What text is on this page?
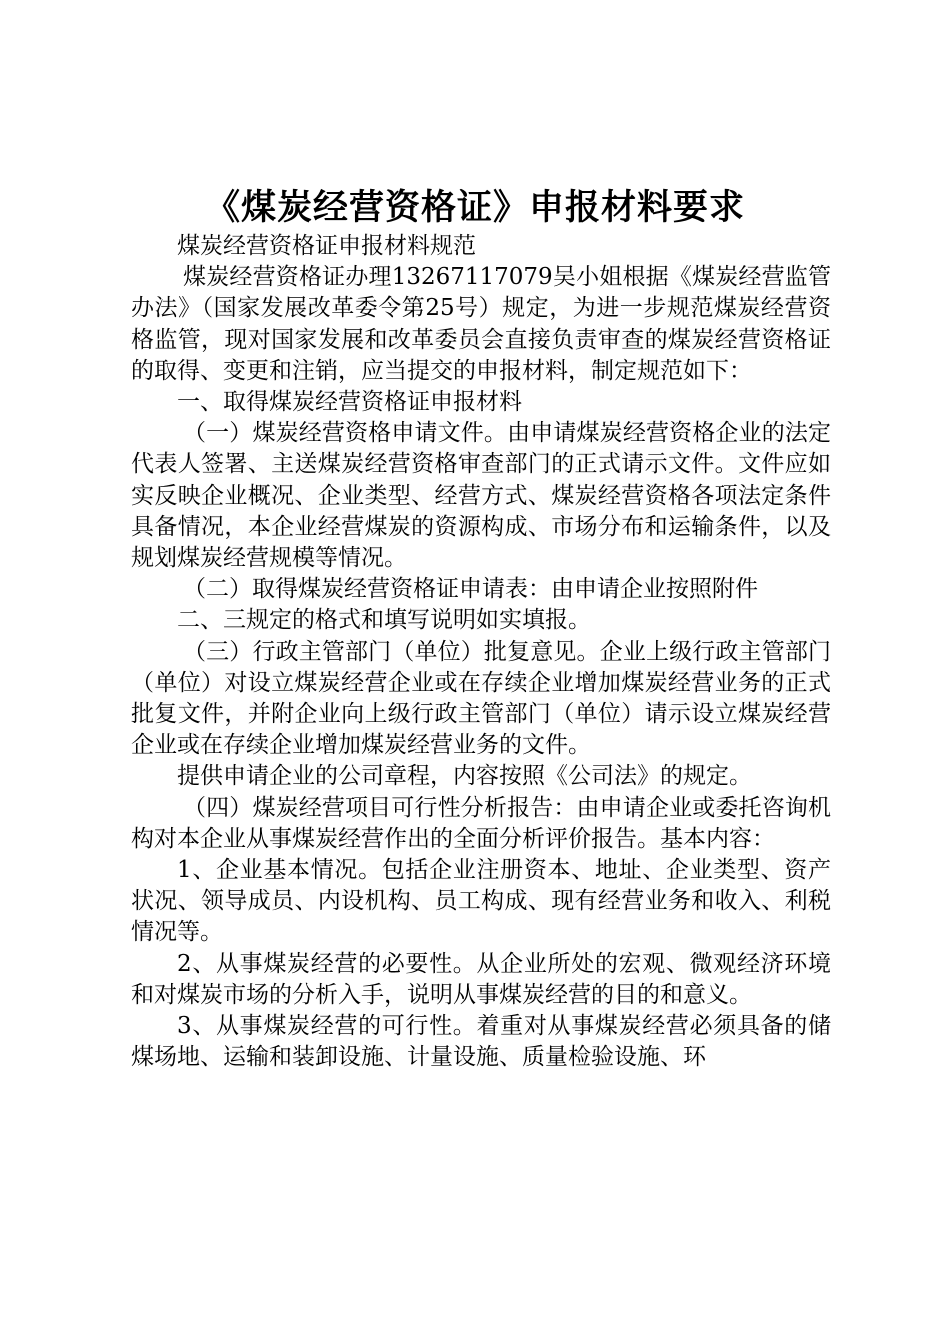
《煤炭经营资格证》申报材料要求

煤炭经营资格证申报材料规范

煤炭经营资格证办理13267117079吴小姐根据《煤炭经营监管办法》（国家发展改革委令第25号）规定，为进一步规范煤炭经营资格监管，现对国家发展和改革委员会直接负责审查的煤炭经营资格证的取得、变更和注销，应当提交的申报材料，制定规范如下：

一、取得煤炭经营资格证申报材料

（一）煤炭经营资格申请文件。由申请煤炭经营资格企业的法定代表人签署、主送煤炭经营资格审查部门的正式请示文件。文件应如实反映企业概况、企业类型、经营方式、煤炭经营资格各项法定条件具备情况，本企业经营煤炭的资源构成、市场分布和运输条件，以及规划煤炭经营规模等情况。

（二）取得煤炭经营资格证申请表：由申请企业按照附件

二、三规定的格式和填写说明如实填报。

（三）行政主管部门（单位）批复意见。企业上级行政主管部门（单位）对设立煤炭经营企业或在存续企业增加煤炭经营业务的正式批复文件，并附企业向上级行政主管部门（单位）请示设立煤炭经营企业或在存续企业增加煤炭经营业务的文件。

提供申请企业的公司章程，内容按照《公司法》的规定。

（四）煤炭经营项目可行性分析报告：由申请企业或委托咨询机构对本企业从事煤炭经营作出的全面分析评价报告。基本内容：

1、企业基本情况。包括企业注册资本、地址、企业类型、资产状况、领导成员、内设机构、员工构成、现有经营业务和收入、利税情况等。

2、从事煤炭经营的必要性。从企业所处的宏观、微观经济环境和对煤炭市场的分析入手，说明从事煤炭经营的目的和意义。

3、从事煤炭经营的可行性。着重对从事煤炭经营必须具备的储煤场地、运输和装卸设施、计量设施、质量检验设施、环
